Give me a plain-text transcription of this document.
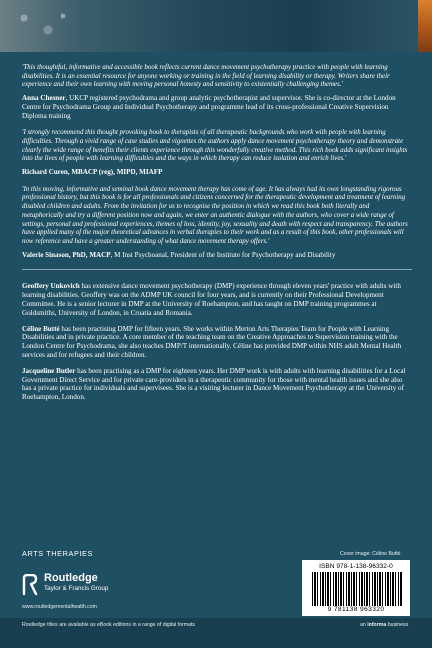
'This thoughtful, informative and accessible book reflects current dance movement psychotherapy practice with people with learning disabilities. It is an essential resource for anyone working or training in the field of learning disability or therapy. Writers share their experience and their own learning with moving personal honesty and sensitivity to existentially challenging themes.'

Anna Chesner, UKCP registered psychodrama and group analytic psychotherapist and supervisor. She is co-director at the London Centre for Psychodrama Group and Individual Psychotherapy and programme lead of its cross-professional Creative Supervision Diploma training

'I strongly recommend this thought provoking book to therapists of all therapeutic backgrounds who work with people with learning difficulties. Through a vivid range of case studies and vignettes the authors apply dance movement psychotherapy theory and demonstrate clearly the wide range of benefits their clients experience through this wonderfully creative method. This rich book adds significant insights into the lives of people with learning difficulties and the ways in which therapy can reduce isolation and enrich lives.'

Richard Curen, MBACP (reg), MIPD, MIAFP

'In this moving, informative and seminal book dance movement therapy has come of age. It has always had its own longstanding rigorous professional history, but this book is for all professionals and citizens concerned for the therapeutic development and treatment of learning disabled children and adults. From the invitation for us to recognise the position in which we read this book both literally and metaphorically and try a different position now and again, we enter an authentic dialogue with the authors, who cover a wide range of settings, personal and professional experiences, themes of loss, identity, joy, sexuality and death with respect and transparency. The authors have applied many of the major theoretical advances in verbal therapies to their work and as a result of this book, other professionals will now reference and have a greater understanding of what dance movement therapy offers.'

Valerie Sinason, PhD, MACP, M Inst Psychoanal, President of the Institute for Psychotherapy and Disability

Geoffery Unkovich has extensive dance movement psychotherapy (DMP) experience through eleven years' practice with adults with learning disabilities. Geoffery was on the ADMP UK council for four years, and is currently on their Professional Development Committee. He is a senior lecturer in DMP at the University of Roehampton, and has taught on DMP training programmes at Goldsmiths, University of London, in Croatia and Romania.

Céline Butté has been practising DMP for fifteen years. She works within Merton Arts Therapies Team for People with Learning Disabilities and in private practice. A core member of the teaching team on the Creative Approaches to Supervision training with the London Centre for Psychodrama, she also teaches DMP/T internationally. Céline has provided DMP within NHS adult Mental Health services and for refugees and their children.

Jacqueline Butler has been practising as a DMP for eighteen years. Her DMP work is with adults with learning disabilities for a Local Government Direct Service and for private care-providers in a therapeutic community for those with mental health issues and she also has a private practice for individuals and supervisees. She is a visiting lecturer in Dance Movement Psychotherapy at the University of Roehampton, London.

ARTS THERAPIES
Routledge
Taylor & Francis Group
www.routledgementalhealth.com
Cover image: Céline Butté
ISBN 978-1-138-96332-0
9 781138 963320
Routledge titles are available as eBook editions in a range of digital formats	an informa business
